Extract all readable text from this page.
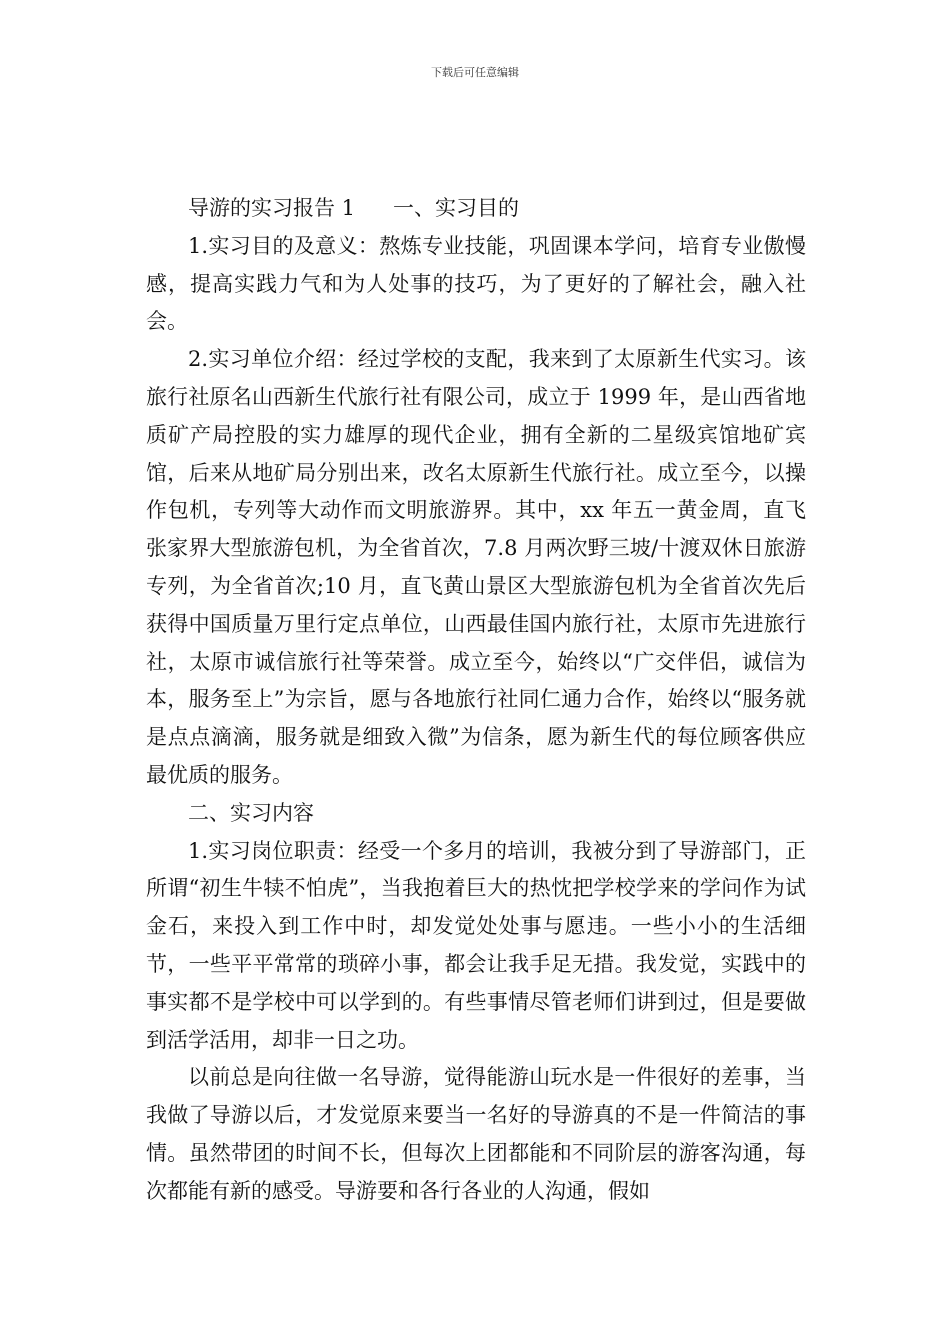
下载后可任意编辑

导游的实习报告 1 一、实习目的

1.实习目的及意义：熬炼专业技能，巩固课本学问，培育专业傲慢感，提高实践力气和为人处事的技巧，为了更好的了解社会，融入社会。

2.实习单位介绍：经过学校的支配，我来到了太原新生代实习。该旅行社原名山西新生代旅行社有限公司，成立于 1999 年，是山西省地质矿产局控股的实力雄厚的现代企业，拥有全新的二星级宾馆地矿宾馆，后来从地矿局分别出来，改名太原新生代旅行社。成立至今，以操作包机，专列等大动作而文明旅游界。其中，xx 年五一黄金周，直飞张家界大型旅游包机，为全省首次，7.8 月两次野三坡/十渡双休日旅游专列，为全省首次;10 月，直飞黄山景区大型旅游包机为全省首次先后获得中国质量万里行定点单位，山西最佳国内旅行社，太原市先进旅行社，太原市诚信旅行社等荣誉。成立至今，始终以“广交伴侣，诚信为本，服务至上”为宗旨，愿与各地旅行社同仁通力合作，始终以“服务就是点点滴滴，服务就是细致入微”为信条，愿为新生代的每位顾客供应最优质的服务。

二、实习内容

1.实习岗位职责：经受一个多月的培训，我被分到了导游部门，正所谓“初生牛犊不怕虎”，当我抱着巨大的热忱把学校学来的学问作为试金石，来投入到工作中时，却发觉处处事与愿违。一些小小的生活细节，一些平平常常的琐碎小事，都会让我手足无措。我发觉，实践中的事实都不是学校中可以学到的。有些事情尽管老师们讲到过，但是要做到活学活用，却非一日之功。

以前总是向往做一名导游，觉得能游山玩水是一件很好的差事，当我做了导游以后，才发觉原来要当一名好的导游真的不是一件简洁的事情。虽然带团的时间不长，但每次上团都能和不同阶层的游客沟通，每次都能有新的感受。导游要和各行各业的人沟通，假如
